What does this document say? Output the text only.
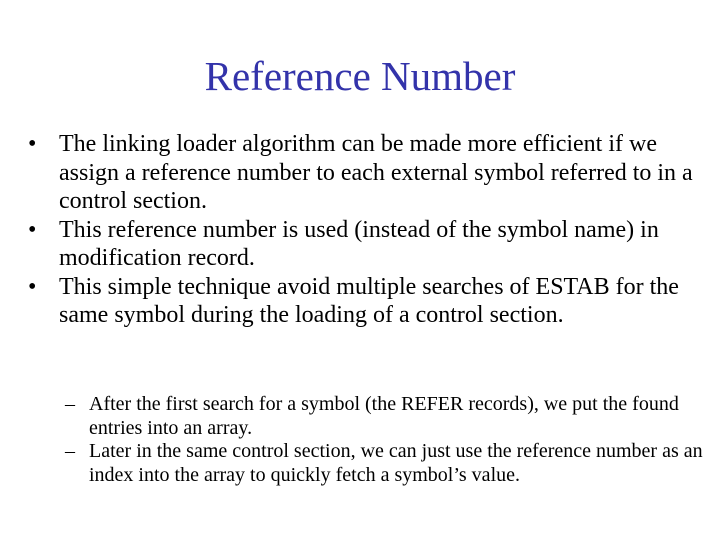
Reference Number
• The linking loader algorithm can be made more efficient if we assign a reference number to each external symbol referred to in a control section.
• This reference number is used (instead of the symbol name) in modification record.
• This simple technique avoid multiple searches of ESTAB for the same symbol during the loading of a control section.
– After the first search for a symbol (the REFER records), we put the found entries into an array.
– Later in the same control section, we can just use the reference number as an index into the array to quickly fetch a symbol’s value.
